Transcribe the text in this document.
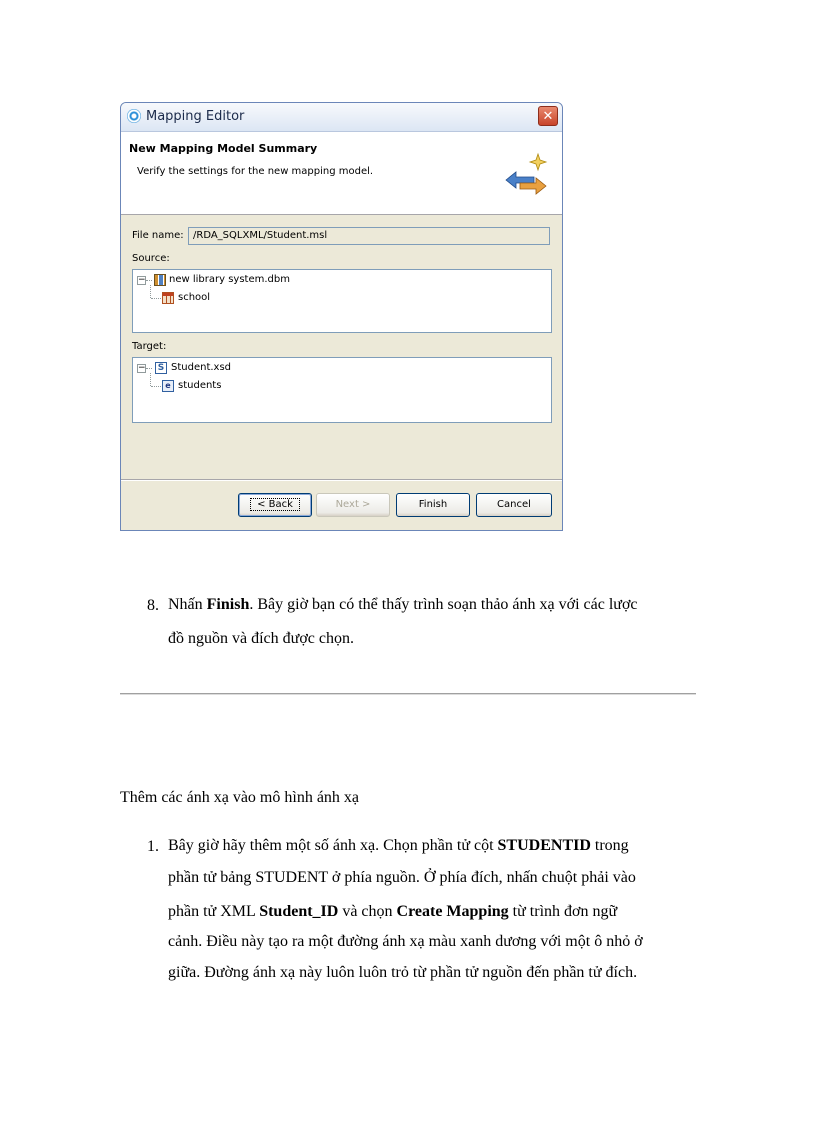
Mapping Editor	✕
New Mapping Model Summary
Verify the settings for the new mapping model.
File name: /RDA_SQLXML/Student.msl
Source:
− new library system.dbm
school
Target:
−	S Student.xsd
e students
< Back	Next >	Finish	Cancel
8. Nhấn Finish. Bây giờ bạn có thể thấy trình soạn thảo ánh xạ với các lược
đồ nguồn và đích được chọn.
Thêm các ánh xạ vào mô hình ánh xạ
1. Bây giờ hãy thêm một số ánh xạ. Chọn phần tử cột STUDENTID trong
phần tử bảng STUDENT ở phía nguồn. Ở phía đích, nhấn chuột phải vào
phần tử XML Student_ID và chọn Create Mapping từ trình đơn ngữ
cảnh. Điều này tạo ra một đường ánh xạ màu xanh dương với một ô nhỏ ở
giữa. Đường ánh xạ này luôn luôn trỏ từ phần tử nguồn đến phần tử đích.
